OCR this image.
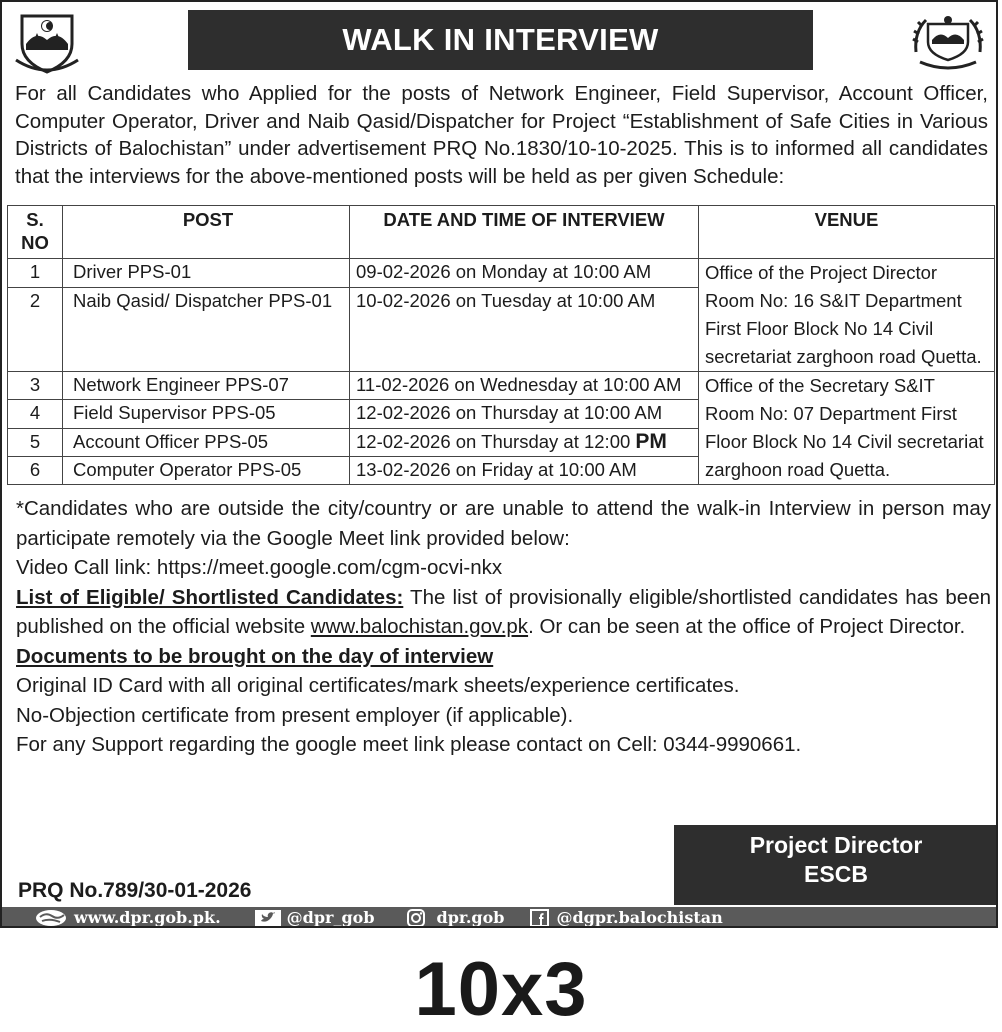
WALK IN INTERVIEW

For all Candidates who Applied for the posts of Network Engineer, Field Supervisor, Account Officer, Computer Operator, Driver and Naib Qasid/Dispatcher for Project “Establishment of Safe Cities in Various Districts of Balochistan” under advertisement PRQ No.1830/10-10-2025. This is to informed all candidates that the interviews for the above-mentioned posts will be held as per given Schedule:

S. NO	POST	DATE AND TIME OF INTERVIEW	VENUE
1	Driver PPS-01	09-02-2026 on Monday at 10:00 AM	Office of the Project Director Room No: 16 S&IT Department First Floor Block No 14 Civil secretariat zarghoon road Quetta.
2	Naib Qasid/ Dispatcher PPS-01	10-02-2026 on Tuesday at 10:00 AM	
3	Network Engineer PPS-07	11-02-2026 on Wednesday at 10:00 AM	Office of the Secretary S&IT Room No: 07 Department First Floor Block No 14 Civil secretariat zarghoon road Quetta.
4	Field Supervisor PPS-05	12-02-2026 on Thursday at 10:00 AM	
5	Account Officer PPS-05	12-02-2026 on Thursday at 12:00 PM	
6	Computer Operator PPS-05	13-02-2026 on Friday at 10:00 AM	

*Candidates who are outside the city/country or are unable to attend the walk-in Interview in person may participate remotely via the Google Meet link provided below:

Video Call link: https://meet.google.com/cgm-ocvi-nkx

List of Eligible/ Shortlisted Candidates: The list of provisionally eligible/shortlisted candidates has been published on the official website www.balochistan.gov.pk. Or can be seen at the office of Project Director.

Documents to be brought on the day of interview

Original ID Card with all original certificates/mark sheets/experience certificates.

No-Objection certificate from present employer (if applicable).

For any Support regarding the google meet link please contact on Cell: 0344-9990661.

Project Director
ESCB
PRQ No.789/30-01-2026
www.dpr.gob.pk.	@dpr_gob	dpr.gob	@dgpr.balochistan
10x3
